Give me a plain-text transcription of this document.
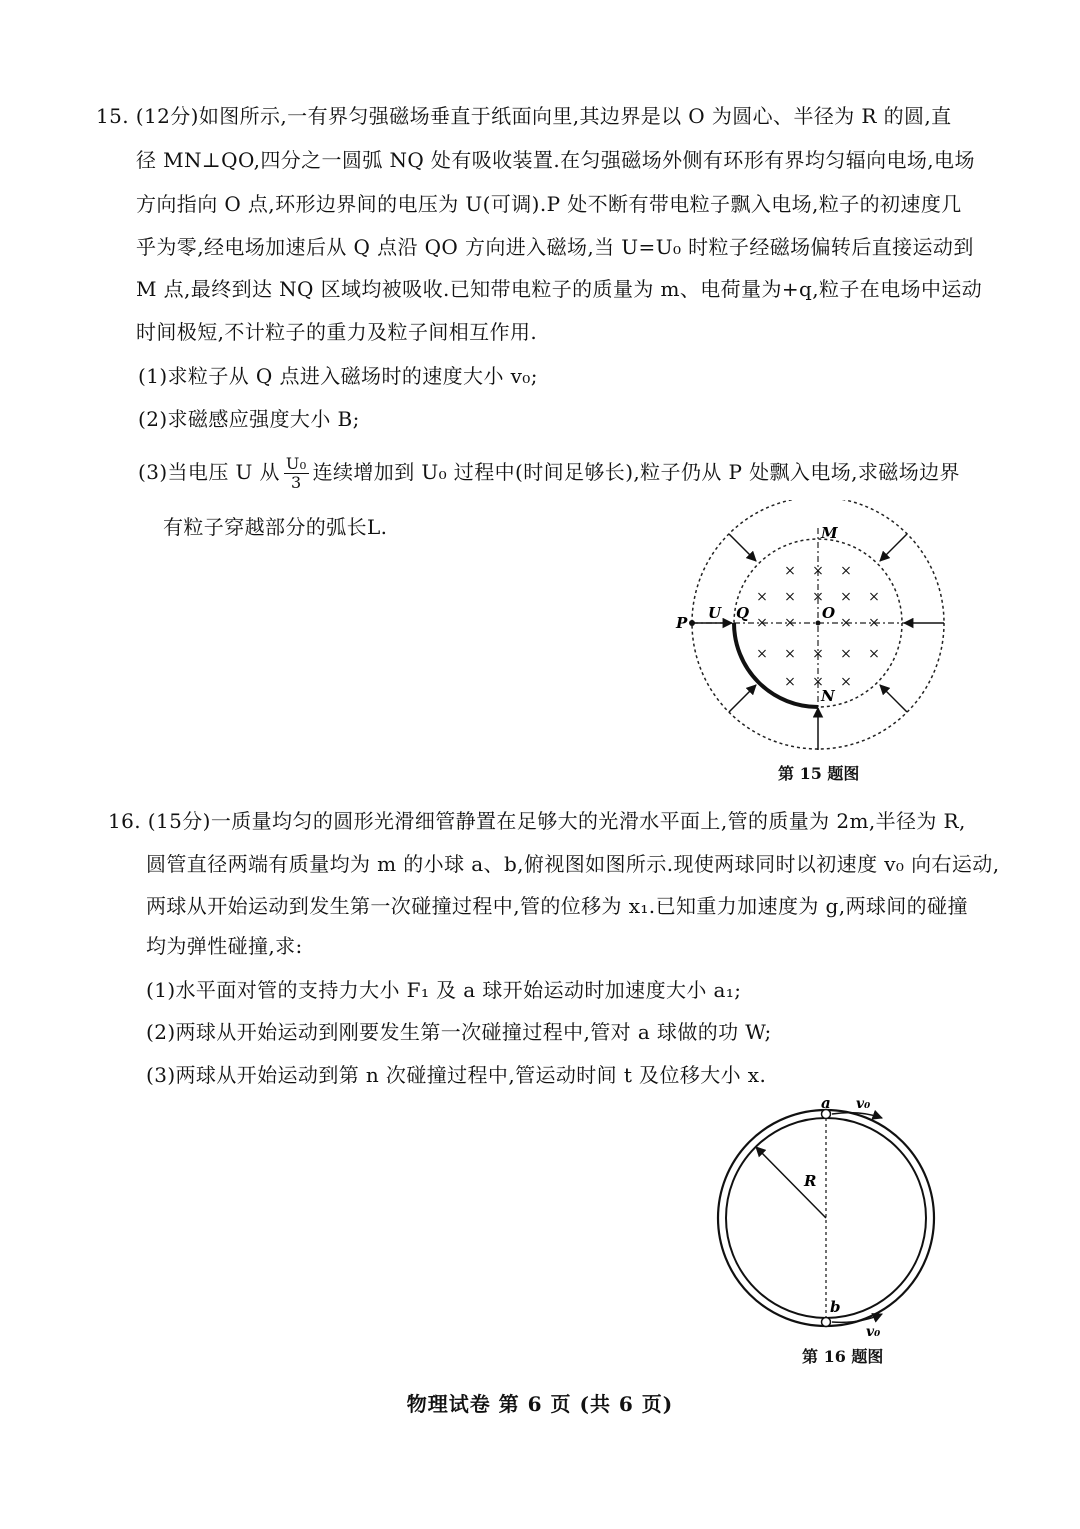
15. (12分)如图所示,一有界匀强磁场垂直于纸面向里,其边界是以 O 为圆心、半径为 R 的圆,直
径 MN⊥QO,四分之一圆弧 NQ 处有吸收装置.在匀强磁场外侧有环形有界均匀辐向电场,电场
方向指向 O 点,环形边界间的电压为 U(可调).P 处不断有带电粒子飘入电场,粒子的初速度几
乎为零,经电场加速后从 Q 点沿 QO 方向进入磁场,当 U=U₀ 时粒子经磁场偏转后直接运动到
M 点,最终到达 NQ 区域均被吸收.已知带电粒子的质量为 m、电荷量为+q,粒子在电场中运动
时间极短,不计粒子的重力及粒子间相互作用.
(1)求粒子从 Q 点进入磁场时的速度大小 v₀;
(2)求磁感应强度大小 B;
(3)当电压 U 从 $\frac{\text{U₀}}{3}$ 连续增加到 U₀ 过程中(时间足够长),粒子仍从 P 处飘入电场,求磁场边界
有粒子穿越部分的弧长L.
× × ×
× × × × ×
× ×	× ×
× × × × ×
× × ×
M
O
Q
P
U
N
第 15 题图
16. (15分)一质量均匀的圆形光滑细管静置在足够大的光滑水平面上,管的质量为 2m,半径为 R,
圆管直径两端有质量均为 m 的小球 a、b,俯视图如图所示.现使两球同时以初速度 v₀ 向右运动,
两球从开始运动到发生第一次碰撞过程中,管的位移为 x₁.已知重力加速度为 g,两球间的碰撞
均为弹性碰撞,求:
(1)水平面对管的支持力大小 F₁ 及 a 球开始运动时加速度大小 a₁;
(2)两球从开始运动到刚要发生第一次碰撞过程中,管对 a 球做的功 W;
(3)两球从开始运动到第 n 次碰撞过程中,管运动时间 t 及位移大小 x.
a
b
v₀
v₀
R
第 16 题图
物理试卷 第 6 页 (共 6 页)
